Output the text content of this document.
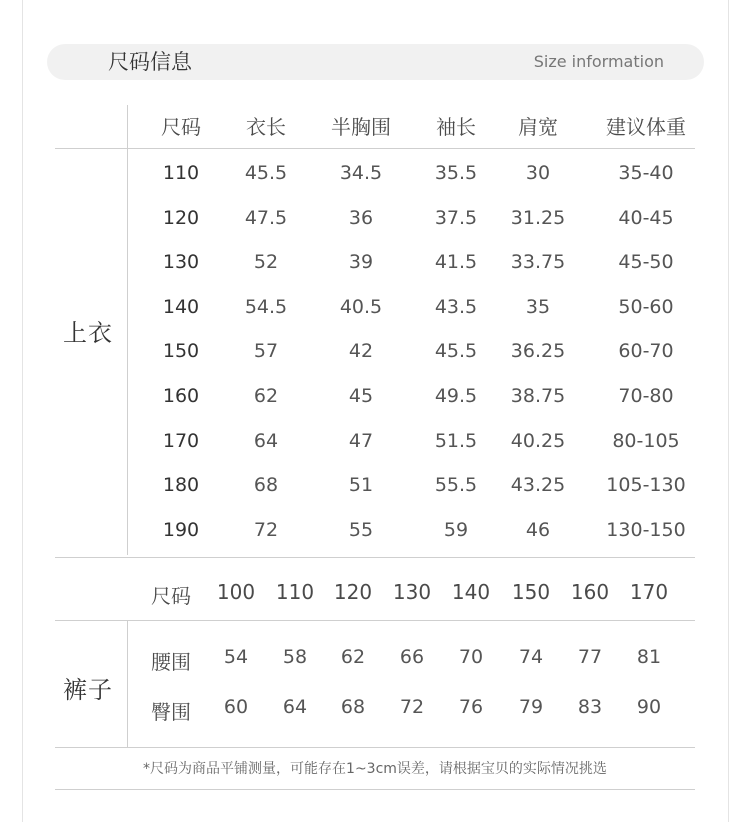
尺码信息	Size information
上衣
尺码 衣长 半胸围 袖长 肩宽 建议体重
110 45.5	34.5	35.5	30	35-40
120 47.5	36	37.5 31.25	40-45
130	52	39	41.5 33.75	45-50
140 54.5	40.5	43.5	35	50-60
150	57	42	45.5 36.25	60-70
160	62	45	49.5 38.75	70-80
170	64	47	51.5 40.25 80-105
180	68	51	55.5 43.25 105-130
190	72	55	59	46	130-150
裤子
尺码 100 110 120 130 140 150 160 170
腰围 54 58 62 66 70 74 77 81
臀围 60 64 68 72 76 79 83 90
*尺码为商品平铺测量，可能存在1~3cm误差，请根据宝贝的实际情况挑选
